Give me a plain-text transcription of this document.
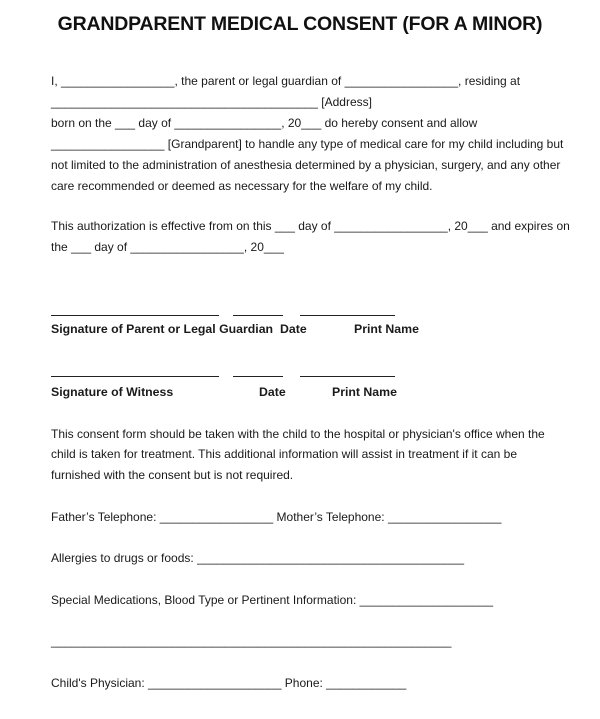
GRANDPARENT MEDICAL CONSENT (FOR A MINOR)
I, _________________, the parent or legal guardian of _________________, residing at
________________________________________ [Address]
born on the ___ day of ________________, 20___ do hereby consent and allow
_________________ [Grandparent] to handle any type of medical care for my child including but
not limited to the administration of anesthesia determined by a physician, surgery, and any other
care recommended or deemed as necessary for the welfare of my child.
This authorization is effective from on this ___ day of _________________, 20___ and expires on
the ___ day of _________________, 20___
Signature of Parent or Legal Guardian Date	Print Name
Signature of Witness	Date	Print Name
This consent form should be taken with the child to the hospital or physician's office when the
child is taken for treatment. This additional information will assist in treatment if it can be
furnished with the consent but is not required.
Father’s Telephone: _________________ Mother’s Telephone: _________________
Allergies to drugs or foods: ________________________________________
Special Medications, Blood Type or Pertinent Information: ____________________
____________________________________________________________
Child's Physician: ____________________ Phone: ____________
